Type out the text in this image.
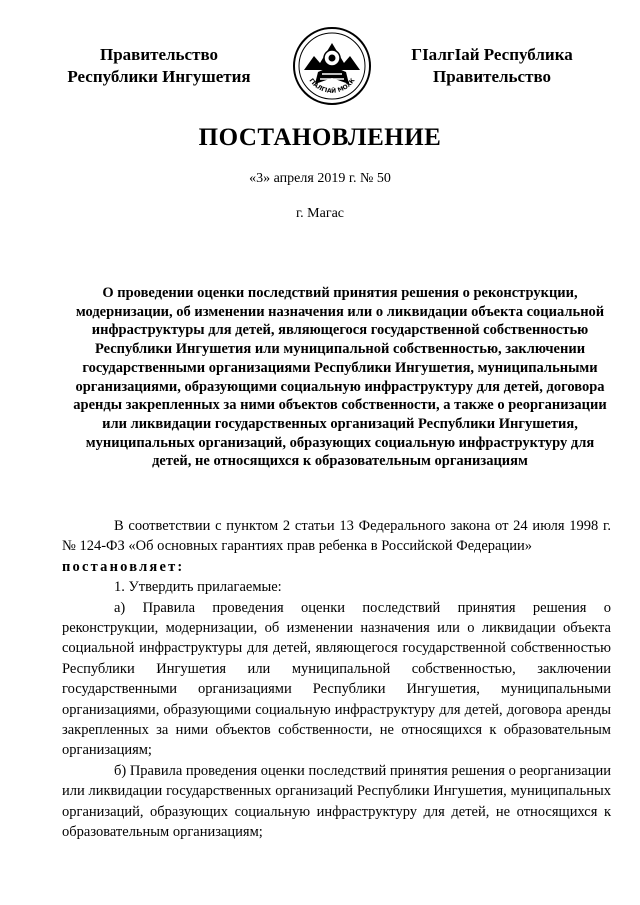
Правительство
Республики Ингушетия	ГIАЛГIАЙ МОХК
ГIалгIай Республика
Правительство
ПОСТАНОВЛЕНИЕ
«3» апреля 2019 г. № 50
г. Магас
О проведении оценки последствий принятия решения о реконструкции, модернизации, об изменении назначения или о ликвидации объекта социальной инфраструктуры для детей, являющегося государственной собственностью Республики Ингушетия или муниципальной собственностью, заключении государственными организациями Республики Ингушетия, муниципальными организациями, образующими социальную инфраструктуру для детей, договора аренды закрепленных за ними объектов собственности, а также о реорганизации или ликвидации государственных организаций Республики Ингушетия, муниципальных организаций, образующих социальную инфраструктуру для детей, не относящихся к образовательным организациям

В соответствии с пунктом 2 статьи 13 Федерального закона от 24 июля 1998 г. № 124-ФЗ «Об основных гарантиях прав ребенка в Российской Федерации»

постановляет:

1. Утвердить прилагаемые:

а) Правила проведения оценки последствий принятия решения о реконструкции, модернизации, об изменении назначения или о ликвидации объекта социальной инфраструктуры для детей, являющегося государственной собственностью Республики Ингушетия или муниципальной собственностью, заключении государственными организациями Республики Ингушетия, муниципальными организациями, образующими социальную инфраструктуру для детей, договора аренды закрепленных за ними объектов собственности, не относящихся к образовательным организациям;

б) Правила проведения оценки последствий принятия решения о реорганизации или ликвидации государственных организаций Республики Ингушетия, муниципальных организаций, образующих социальную инфраструктуру для детей, не относящихся к образовательным организациям;
